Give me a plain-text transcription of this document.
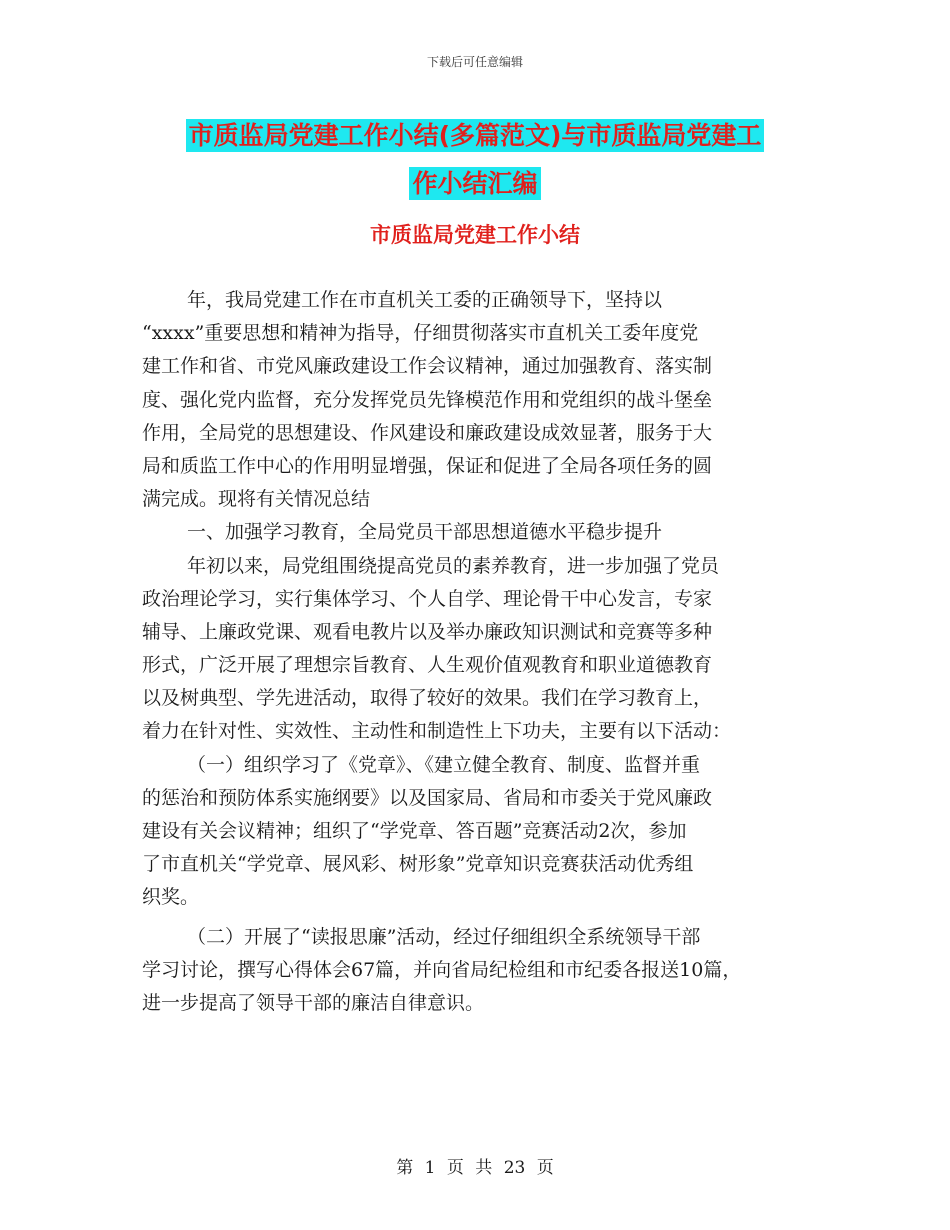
下载后可任意编辑
市质监局党建工作小结(多篇范文)与市质监局党建工
作小结汇编
市质监局党建工作小结
年，我局党建工作在市直机关工委的正确领导下，坚持以
“xxxx”重要思想和精神为指导，仔细贯彻落实市直机关工委年度党
建工作和省、市党风廉政建设工作会议精神，通过加强教育、落实制
度、强化党内监督，充分发挥党员先锋模范作用和党组织的战斗堡垒
作用，全局党的思想建设、作风建设和廉政建设成效显著，服务于大
局和质监工作中心的作用明显增强，保证和促进了全局各项任务的圆
满完成。现将有关情况总结
一、加强学习教育，全局党员干部思想道德水平稳步提升
年初以来，局党组围绕提高党员的素养教育，进一步加强了党员
政治理论学习，实行集体学习、个人自学、理论骨干中心发言，专家
辅导、上廉政党课、观看电教片以及举办廉政知识测试和竞赛等多种
形式，广泛开展了理想宗旨教育、人生观价值观教育和职业道德教育
以及树典型、学先进活动，取得了较好的效果。我们在学习教育上，
着力在针对性、实效性、主动性和制造性上下功夫，主要有以下活动：
（一）组织学习了《党章》、《建立健全教育、制度、监督并重
的惩治和预防体系实施纲要》以及国家局、省局和市委关于党风廉政
建设有关会议精神；组织了“学党章、答百题”竞赛活动2次，参加
了市直机关“学党章、展风彩、树形象”党章知识竞赛获活动优秀组
织奖。
（二）开展了“读报思廉”活动，经过仔细组织全系统领导干部
学习讨论，撰写心得体会67篇，并向省局纪检组和市纪委各报送10篇，
进一步提高了领导干部的廉洁自律意识。
第 1 页 共 23 页
